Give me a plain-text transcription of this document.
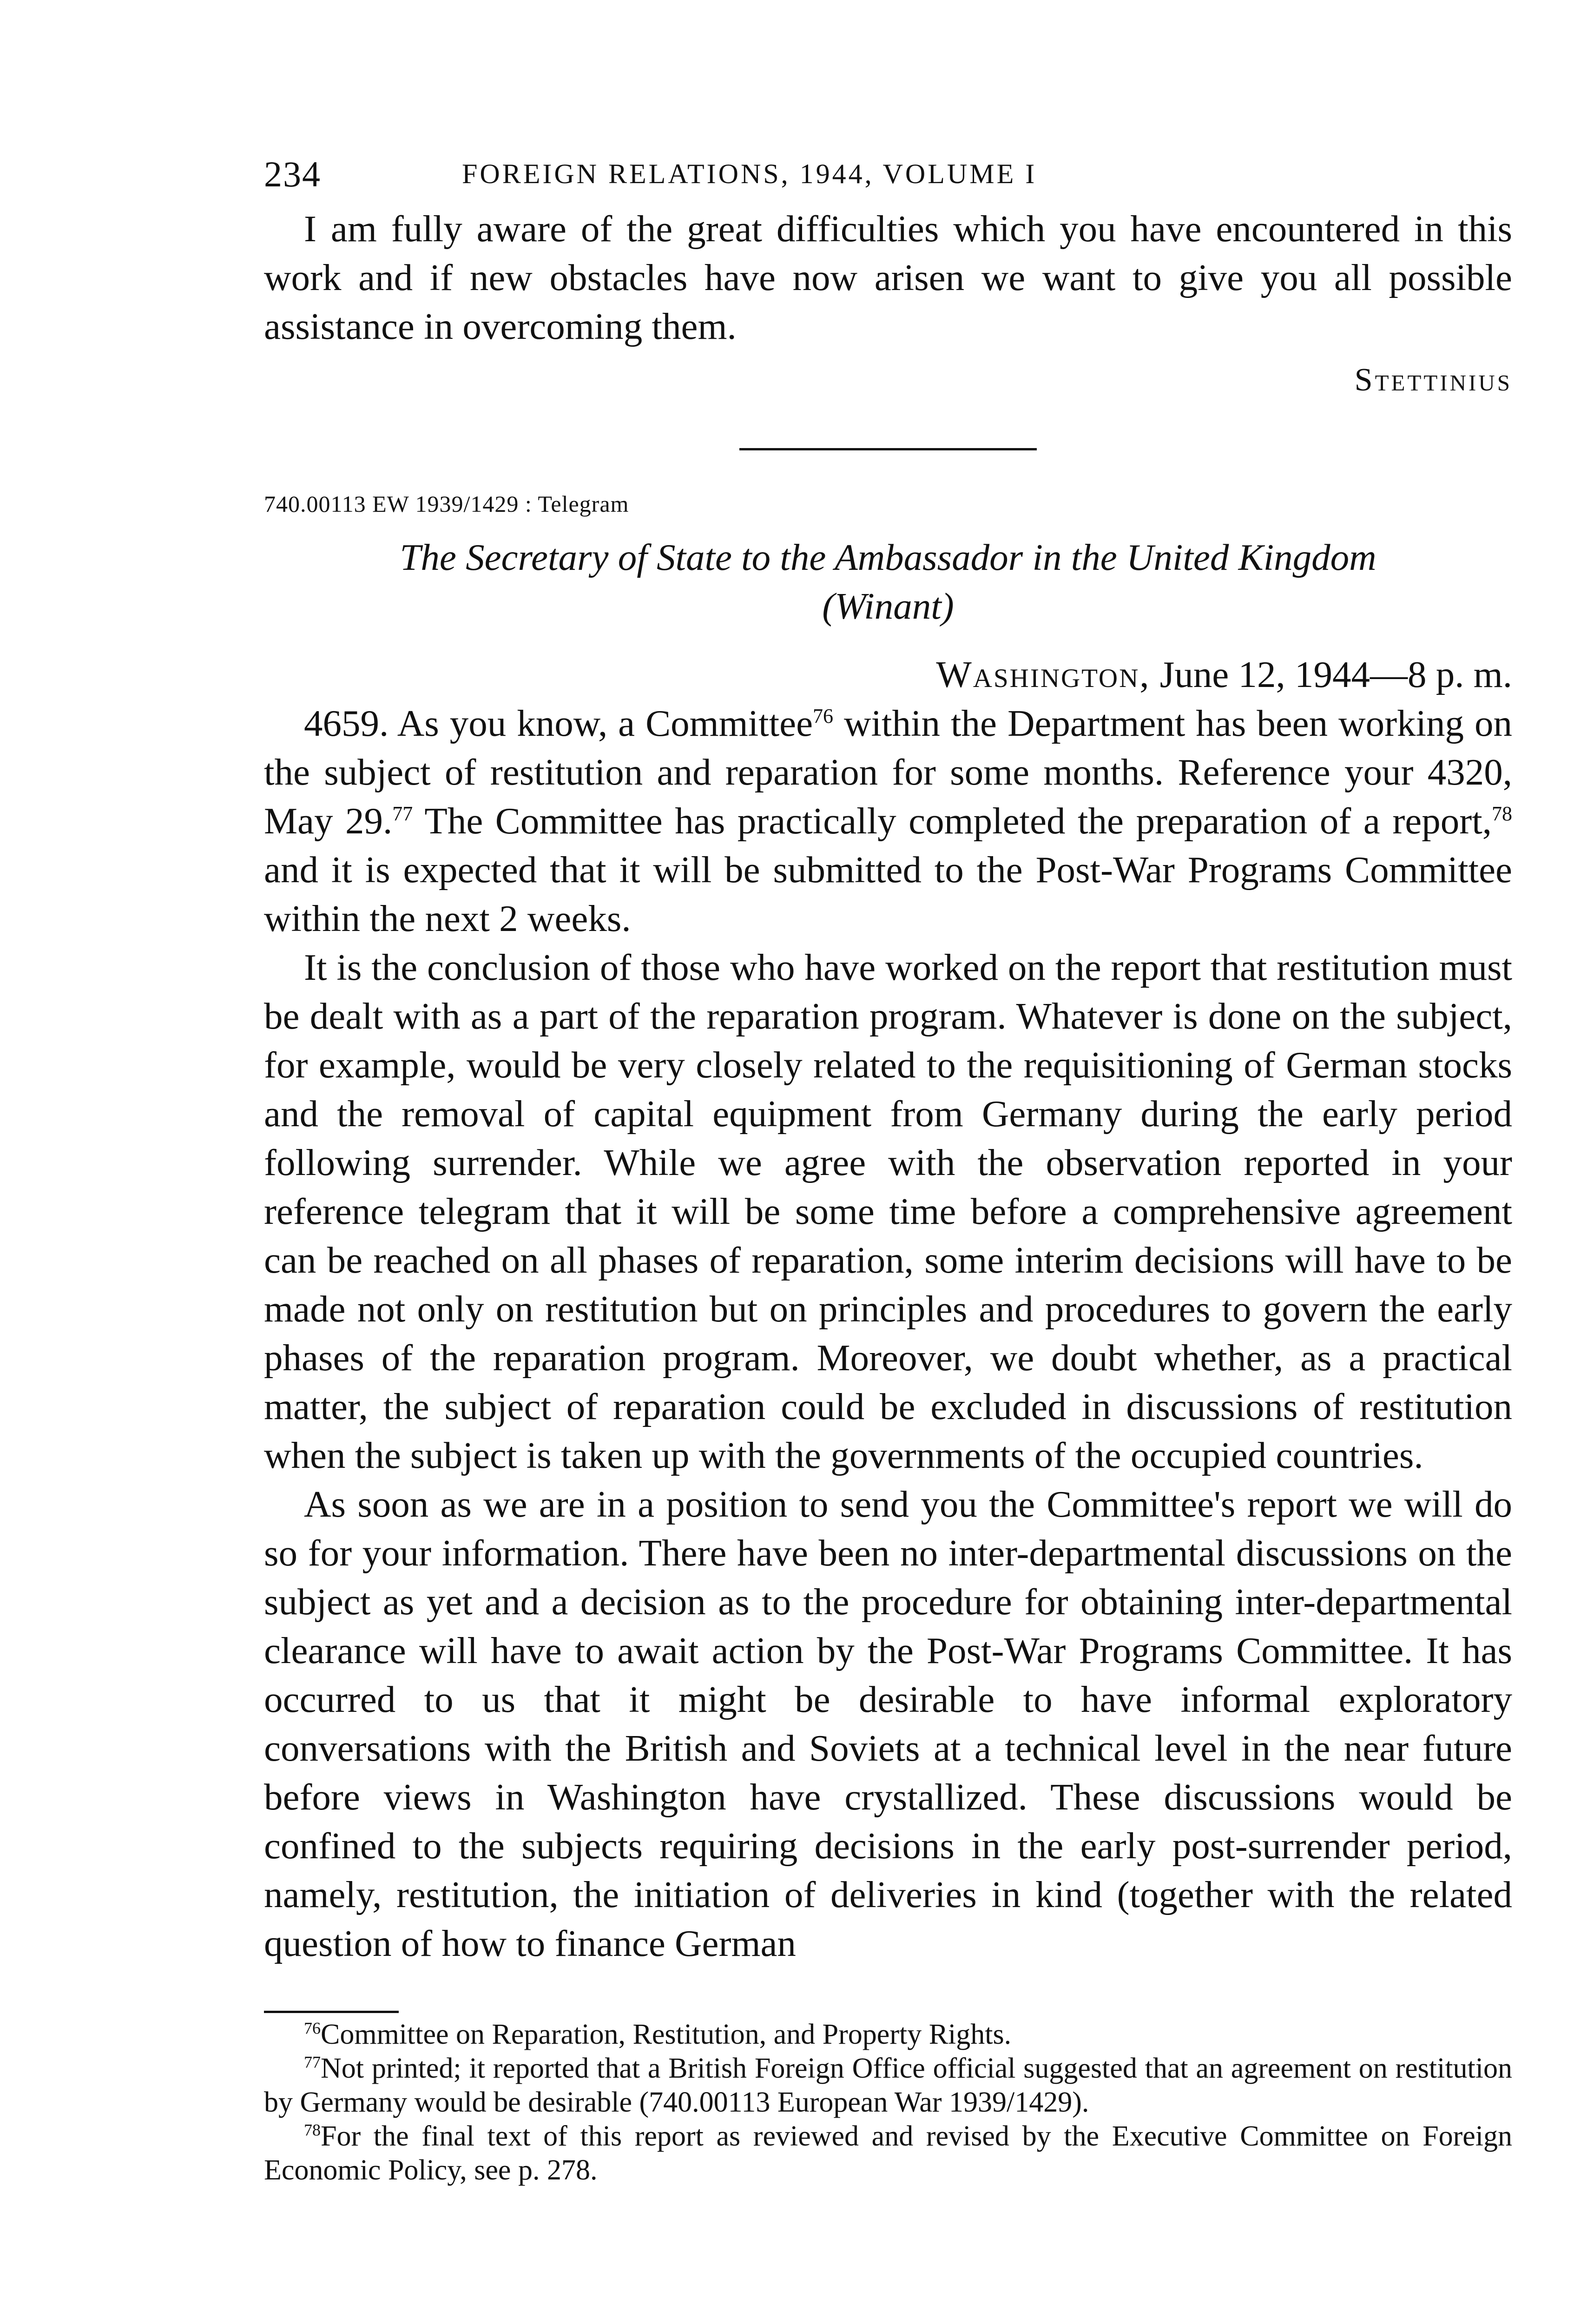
234	FOREIGN RELATIONS, 1944, VOLUME I

I am fully aware of the great difficulties which you have encountered in this work and if new obstacles have now arisen we want to give you all possible assistance in overcoming them.

Stettinius
740.00113 EW 1939/1429 : Telegram
The Secretary of State to the Ambassador in the United Kingdom
(Winant)
Washington, June 12, 1944—8 p. m.

4659. As you know, a Committee$^{76}$ within the Department has been working on the subject of restitution and reparation for some months. Reference your 4320, May 29.77 The Committee has practically completed the preparation of a report,$^{78}$ and it is expected that it will be submitted to the Post-War Programs Committee within the next 2 weeks.

It is the conclusion of those who have worked on the report that restitution must be dealt with as a part of the reparation program. Whatever is done on the subject, for example, would be very closely related to the requisitioning of German stocks and the removal of capital equipment from Germany during the early period following surrender. While we agree with the observation reported in your reference telegram that it will be some time before a comprehensive agreement can be reached on all phases of reparation, some interim decisions will have to be made not only on restitution but on principles and procedures to govern the early phases of the reparation program. Moreover, we doubt whether, as a practical matter, the subject of reparation could be excluded in discussions of restitution when the subject is taken up with the governments of the occupied countries.

As soon as we are in a position to send you the Committee's report we will do so for your information. There have been no inter-departmental discussions on the subject as yet and a decision as to the procedure for obtaining inter-departmental clearance will have to await action by the Post-War Programs Committee. It has occurred to us that it might be desirable to have informal exploratory conversations with the British and Soviets at a technical level in the near future before views in Washington have crystallized. These discussions would be confined to the subjects requiring decisions in the early post-surrender period, namely, restitution, the initiation of deliveries in kind (together with the related question of how to finance German

$^{76}$Committee on Reparation, Restitution, and Property Rights.
$^{77}$Not printed; it reported that a British Foreign Office official suggested that an agreement on restitution by Germany would be desirable (740.00113 European War 1939/1429).
$^{78}$For the final text of this report as reviewed and revised by the Executive Committee on Foreign Economic Policy, see p. 278.
